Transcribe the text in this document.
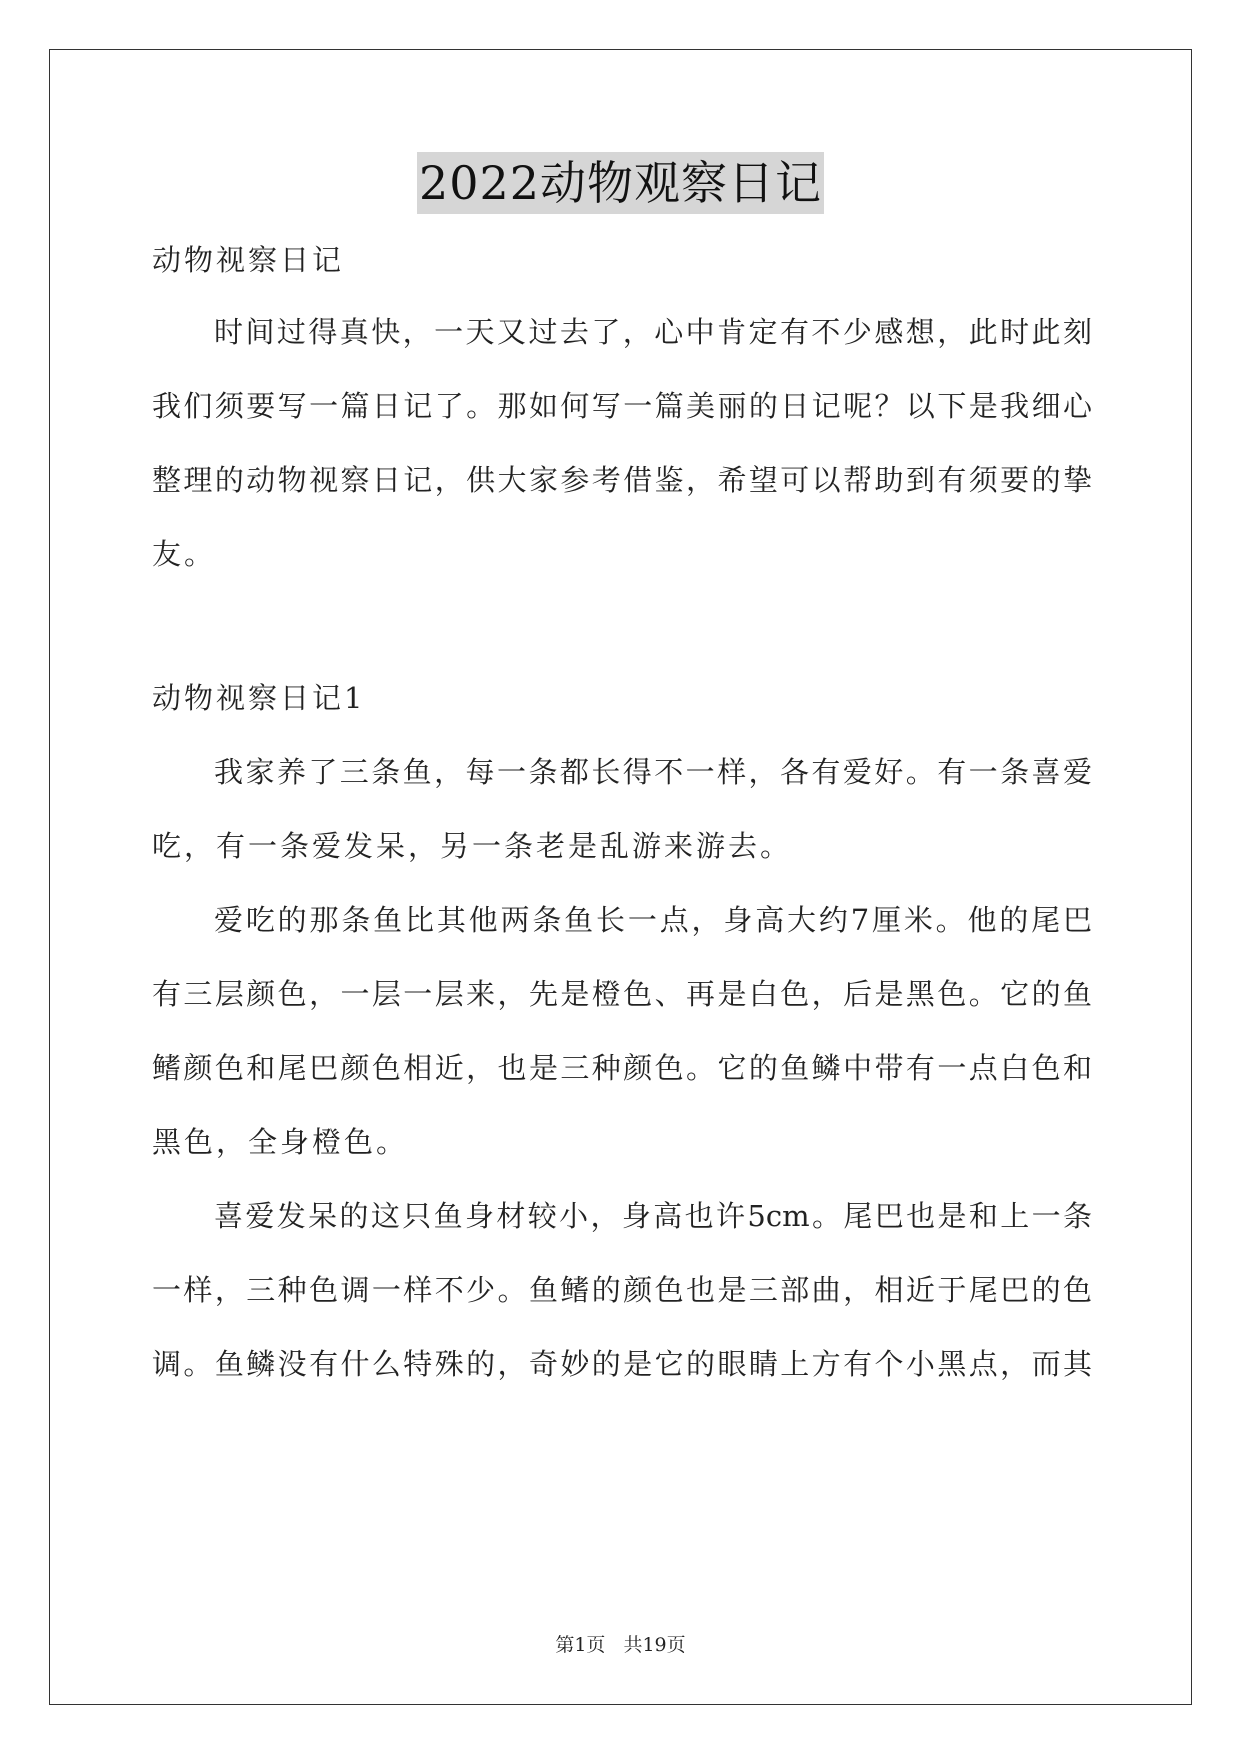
2022动物观察日记
动物视察日记
时间过得真快，一天又过去了，心中肯定有不少感想，此时此刻
我们须要写一篇日记了。那如何写一篇美丽的日记呢？以下是我细心
整理的动物视察日记，供大家参考借鉴，希望可以帮助到有须要的挚
友。
动物视察日记1
我家养了三条鱼，每一条都长得不一样，各有爱好。有一条喜爱
吃，有一条爱发呆，另一条老是乱游来游去。
爱吃的那条鱼比其他两条鱼长一点，身高大约7厘米。他的尾巴
有三层颜色，一层一层来，先是橙色、再是白色，后是黑色。它的鱼
鳍颜色和尾巴颜色相近，也是三种颜色。它的鱼鳞中带有一点白色和
黑色，全身橙色。
喜爱发呆的这只鱼身材较小，身高也许5cm。尾巴也是和上一条
一样，三种色调一样不少。鱼鳍的颜色也是三部曲，相近于尾巴的色
调。鱼鳞没有什么特殊的，奇妙的是它的眼睛上方有个小黑点，而其
第1页 共19页
